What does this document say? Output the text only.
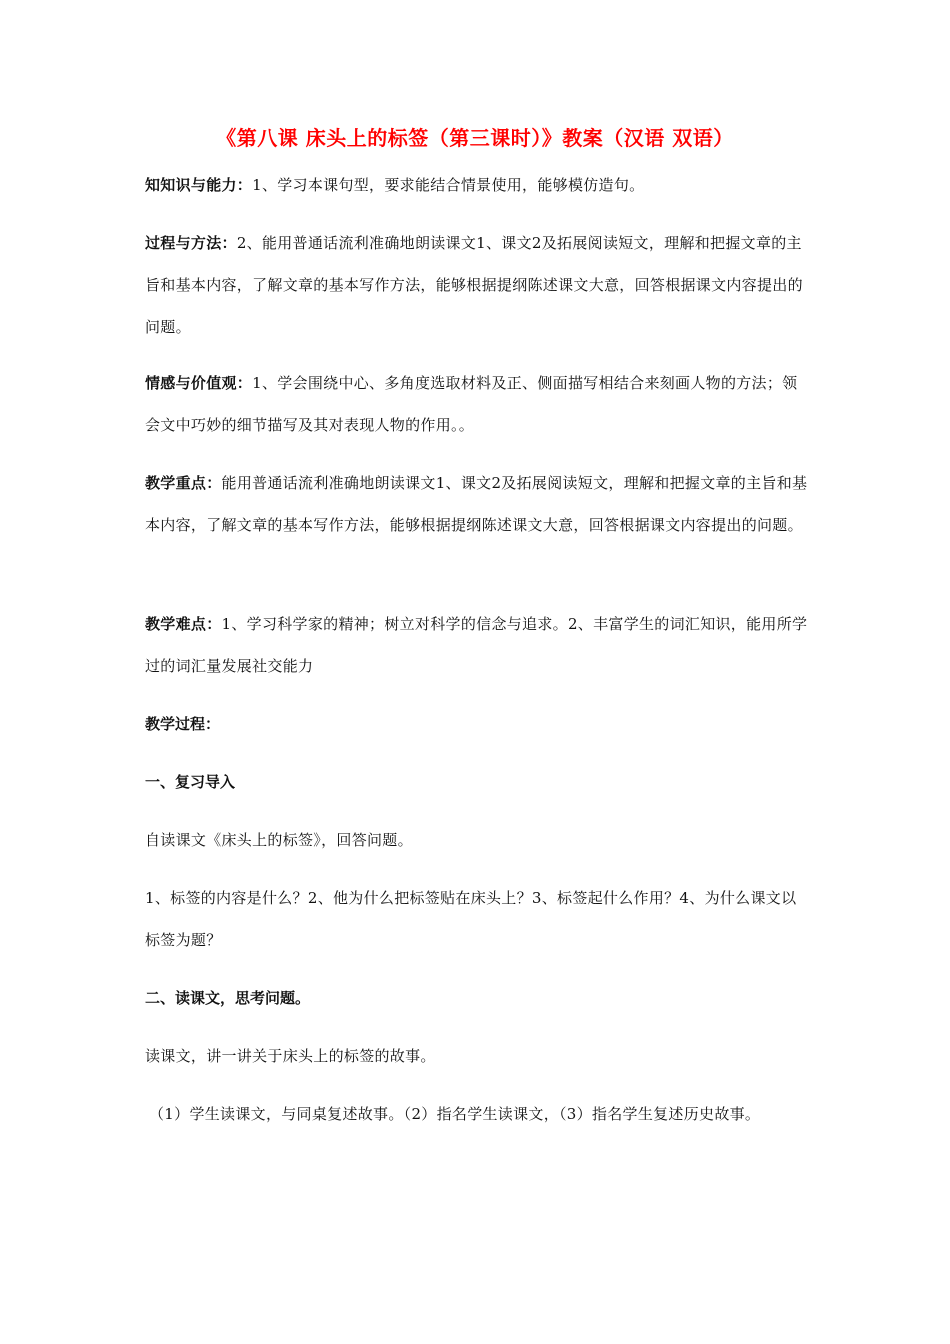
《第八课 床头上的标签（第三课时）》教案（汉语 双语）
知知识与能力：1、学习本课句型，要求能结合情景使用，能够模仿造句。
过程与方法：2、能用普通话流利准确地朗读课文1、课文2及拓展阅读短文，理解和把握文章的主旨和基本内容，了解文章的基本写作方法，能够根据提纲陈述课文大意，回答根据课文内容提出的问题。
情感与价值观：1、学会围绕中心、多角度选取材料及正、侧面描写相结合来刻画人物的方法；领会文中巧妙的细节描写及其对表现人物的作用。。
教学重点：能用普通话流利准确地朗读课文1、课文2及拓展阅读短文，理解和把握文章的主旨和基本内容，了解文章的基本写作方法，能够根据提纲陈述课文大意，回答根据课文内容提出的问题。
教学难点：1、学习科学家的精神；树立对科学的信念与追求。2、丰富学生的词汇知识，能用所学过的词汇量发展社交能力
教学过程：
一、复习导入
自读课文《床头上的标签》，回答问题。
1、标签的内容是什么？2、他为什么把标签贴在床头上？3、标签起什么作用？4、为什么课文以标签为题？
二、读课文，思考问题。
读课文，讲一讲关于床头上的标签的故事。
（1）学生读课文，与同桌复述故事。（2）指名学生读课文，（3）指名学生复述历史故事。
